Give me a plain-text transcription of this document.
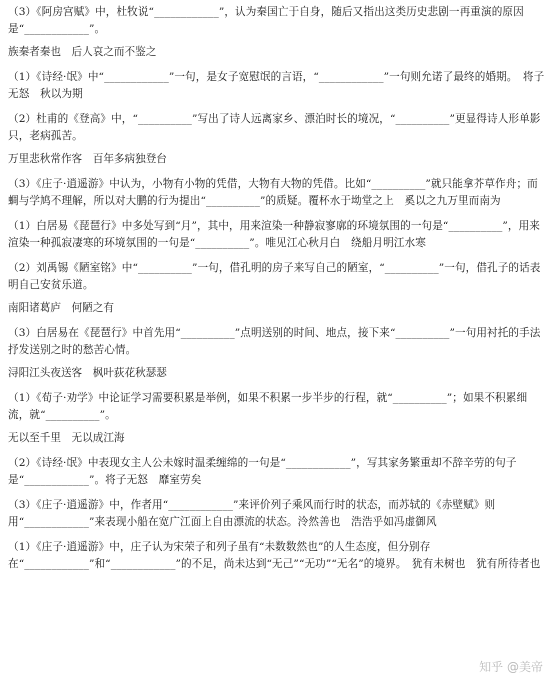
（3）《阿房宫赋》中，杜牧说“____________”，认为秦国亡于自身，随后又指出这类历史悲剧一再重演的原因是“____________”。

族秦者秦也　后人哀之而不鉴之

（1）《诗经·氓》中“____________”一句，是女子宽慰氓的言语，“____________”一句则允诺了最终的婚期。　将子无怒　秋以为期

（2）杜甫的《登高》中，“__________”写出了诗人远离家乡、漂泊时长的境况，“__________”更显得诗人形单影只，老病孤苦。

万里悲秋常作客　百年多病独登台

（3）《庄子·逍遥游》中认为，小物有小物的凭借，大物有大物的凭借。比如“__________”就只能拿芥草作舟；而蜩与学鸠不理解，所以对大鹏的行为提出“__________”的质疑。覆杯水于坳堂之上　奚以之九万里而南为

（1）白居易《琵琶行》中多处写到“月”，其中，用来渲染一种静寂寥廓的环境氛围的一句是“__________”，用来渲染一种孤寂凄寒的环境氛围的一句是“__________”。唯见江心秋月白　绕船月明江水寒

（2）刘禹锡《陋室铭》中“__________”一句，借孔明的房子来写自己的陋室，“__________”一句，借孔子的话表明自己安贫乐道。

南阳诸葛庐　何陋之有

（3）白居易在《琵琶行》中首先用“__________”点明送别的时间、地点，接下来“__________”一句用衬托的手法抒发送别之时的愁苦心情。

浔阳江头夜送客　枫叶荻花秋瑟瑟

（1）《荀子·劝学》中论证学习需要积累是举例，如果不积累一步半步的行程，就“__________”；如果不积累细流，就“__________”。

无以至千里　无以成江海

（2）《诗经·氓》中表现女主人公未嫁时温柔缠绵的一句是“____________”，写其家务繁重却不辞辛劳的句子是“____________”。将子无怒　靡室劳矣

（3）《庄子·逍遥游》中，作者用“____________”来评价列子乘风而行时的状态，而苏轼的《赤壁赋》则用“____________”来表现小船在宽广江面上自由漂流的状态。泠然善也　浩浩乎如冯虚御风

（1）《庄子·逍遥游》中，庄子认为宋荣子和列子虽有“未数数然也”的人生态度，但分别存在“____________”和“____________”的不足，尚未达到“无己”“无功”“无名”的境界。　犹有未树也　犹有所待者也

知乎 @美帝
